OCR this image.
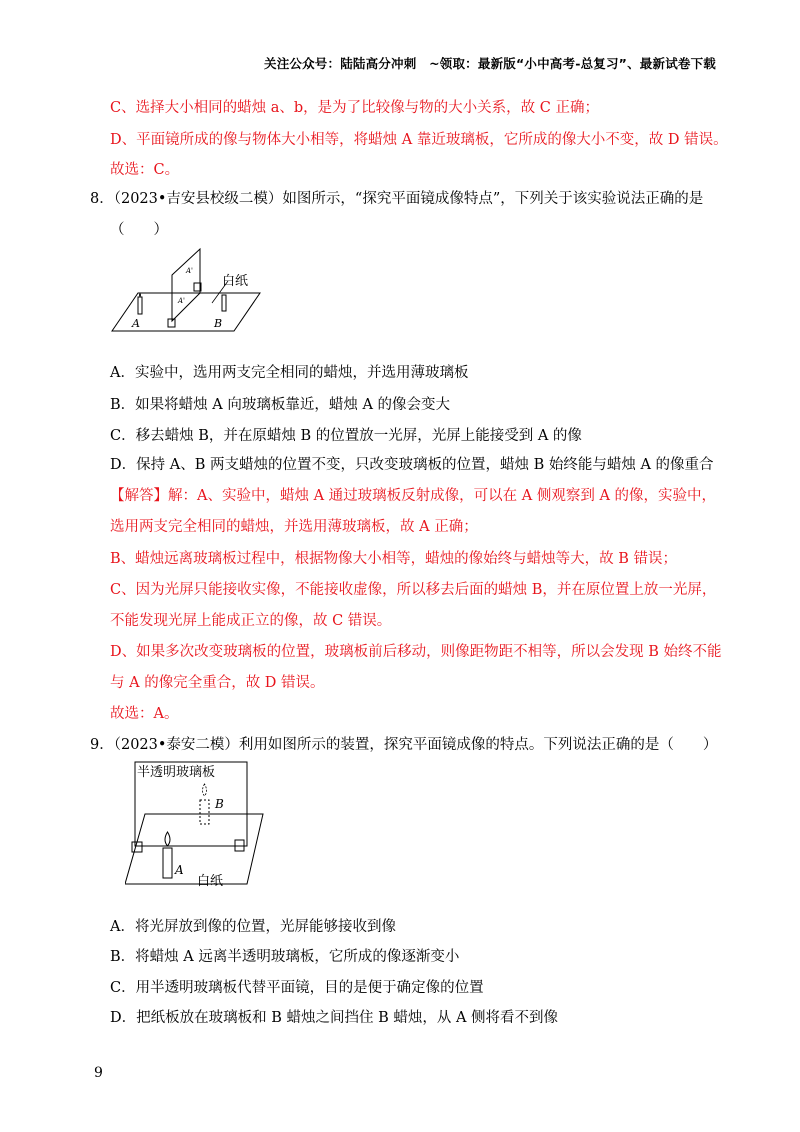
关注公众号：陆陆高分冲刺　~领取：最新版“小中高考-总复习”、最新试卷下载
C、选择大小相同的蜡烛 a、b，是为了比较像与物的大小关系，故 C 正确；
D、平面镜所成的像与物体大小相等，将蜡烛 A 靠近玻璃板，它所成的像大小不变，故 D 错误。
故选：C。
8．（2023•吉安县校级二模）如图所示，“探究平面镜成像特点”，下列关于该实验说法正确的是
（　　）
A'
A'
白纸
A	B
A．实验中，选用两支完全相同的蜡烛，并选用薄玻璃板
B．如果将蜡烛 A 向玻璃板靠近，蜡烛 A 的像会变大
C．移去蜡烛 B，并在原蜡烛 B 的位置放一光屏，光屏上能接受到 A 的像
D．保持 A、B 两支蜡烛的位置不变，只改变玻璃板的位置，蜡烛 B 始终能与蜡烛 A 的像重合
【解答】解：A、实验中，蜡烛 A 通过玻璃板反射成像，可以在 A 侧观察到 A 的像，实验中，
选用两支完全相同的蜡烛，并选用薄玻璃板，故 A 正确；
B、蜡烛远离玻璃板过程中，根据物像大小相等，蜡烛的像始终与蜡烛等大，故 B 错误；
C、因为光屏只能接收实像，不能接收虚像，所以移去后面的蜡烛 B，并在原位置上放一光屏，
不能发现光屏上能成正立的像，故 C 错误。
D、如果多次改变玻璃板的位置，玻璃板前后移动，则像距物距不相等，所以会发现 B 始终不能
与 A 的像完全重合，故 D 错误。
故选：A。
9．（2023•泰安二模）利用如图所示的装置，探究平面镜成像的特点。下列说法正确的是（　　）
半透明玻璃板
B
A
白纸
A．将光屏放到像的位置，光屏能够接收到像
B．将蜡烛 A 远离半透明玻璃板，它所成的像逐渐变小
C．用半透明玻璃板代替平面镜，目的是便于确定像的位置
D．把纸板放在玻璃板和 B 蜡烛之间挡住 B 蜡烛，从 A 侧将看不到像
9
